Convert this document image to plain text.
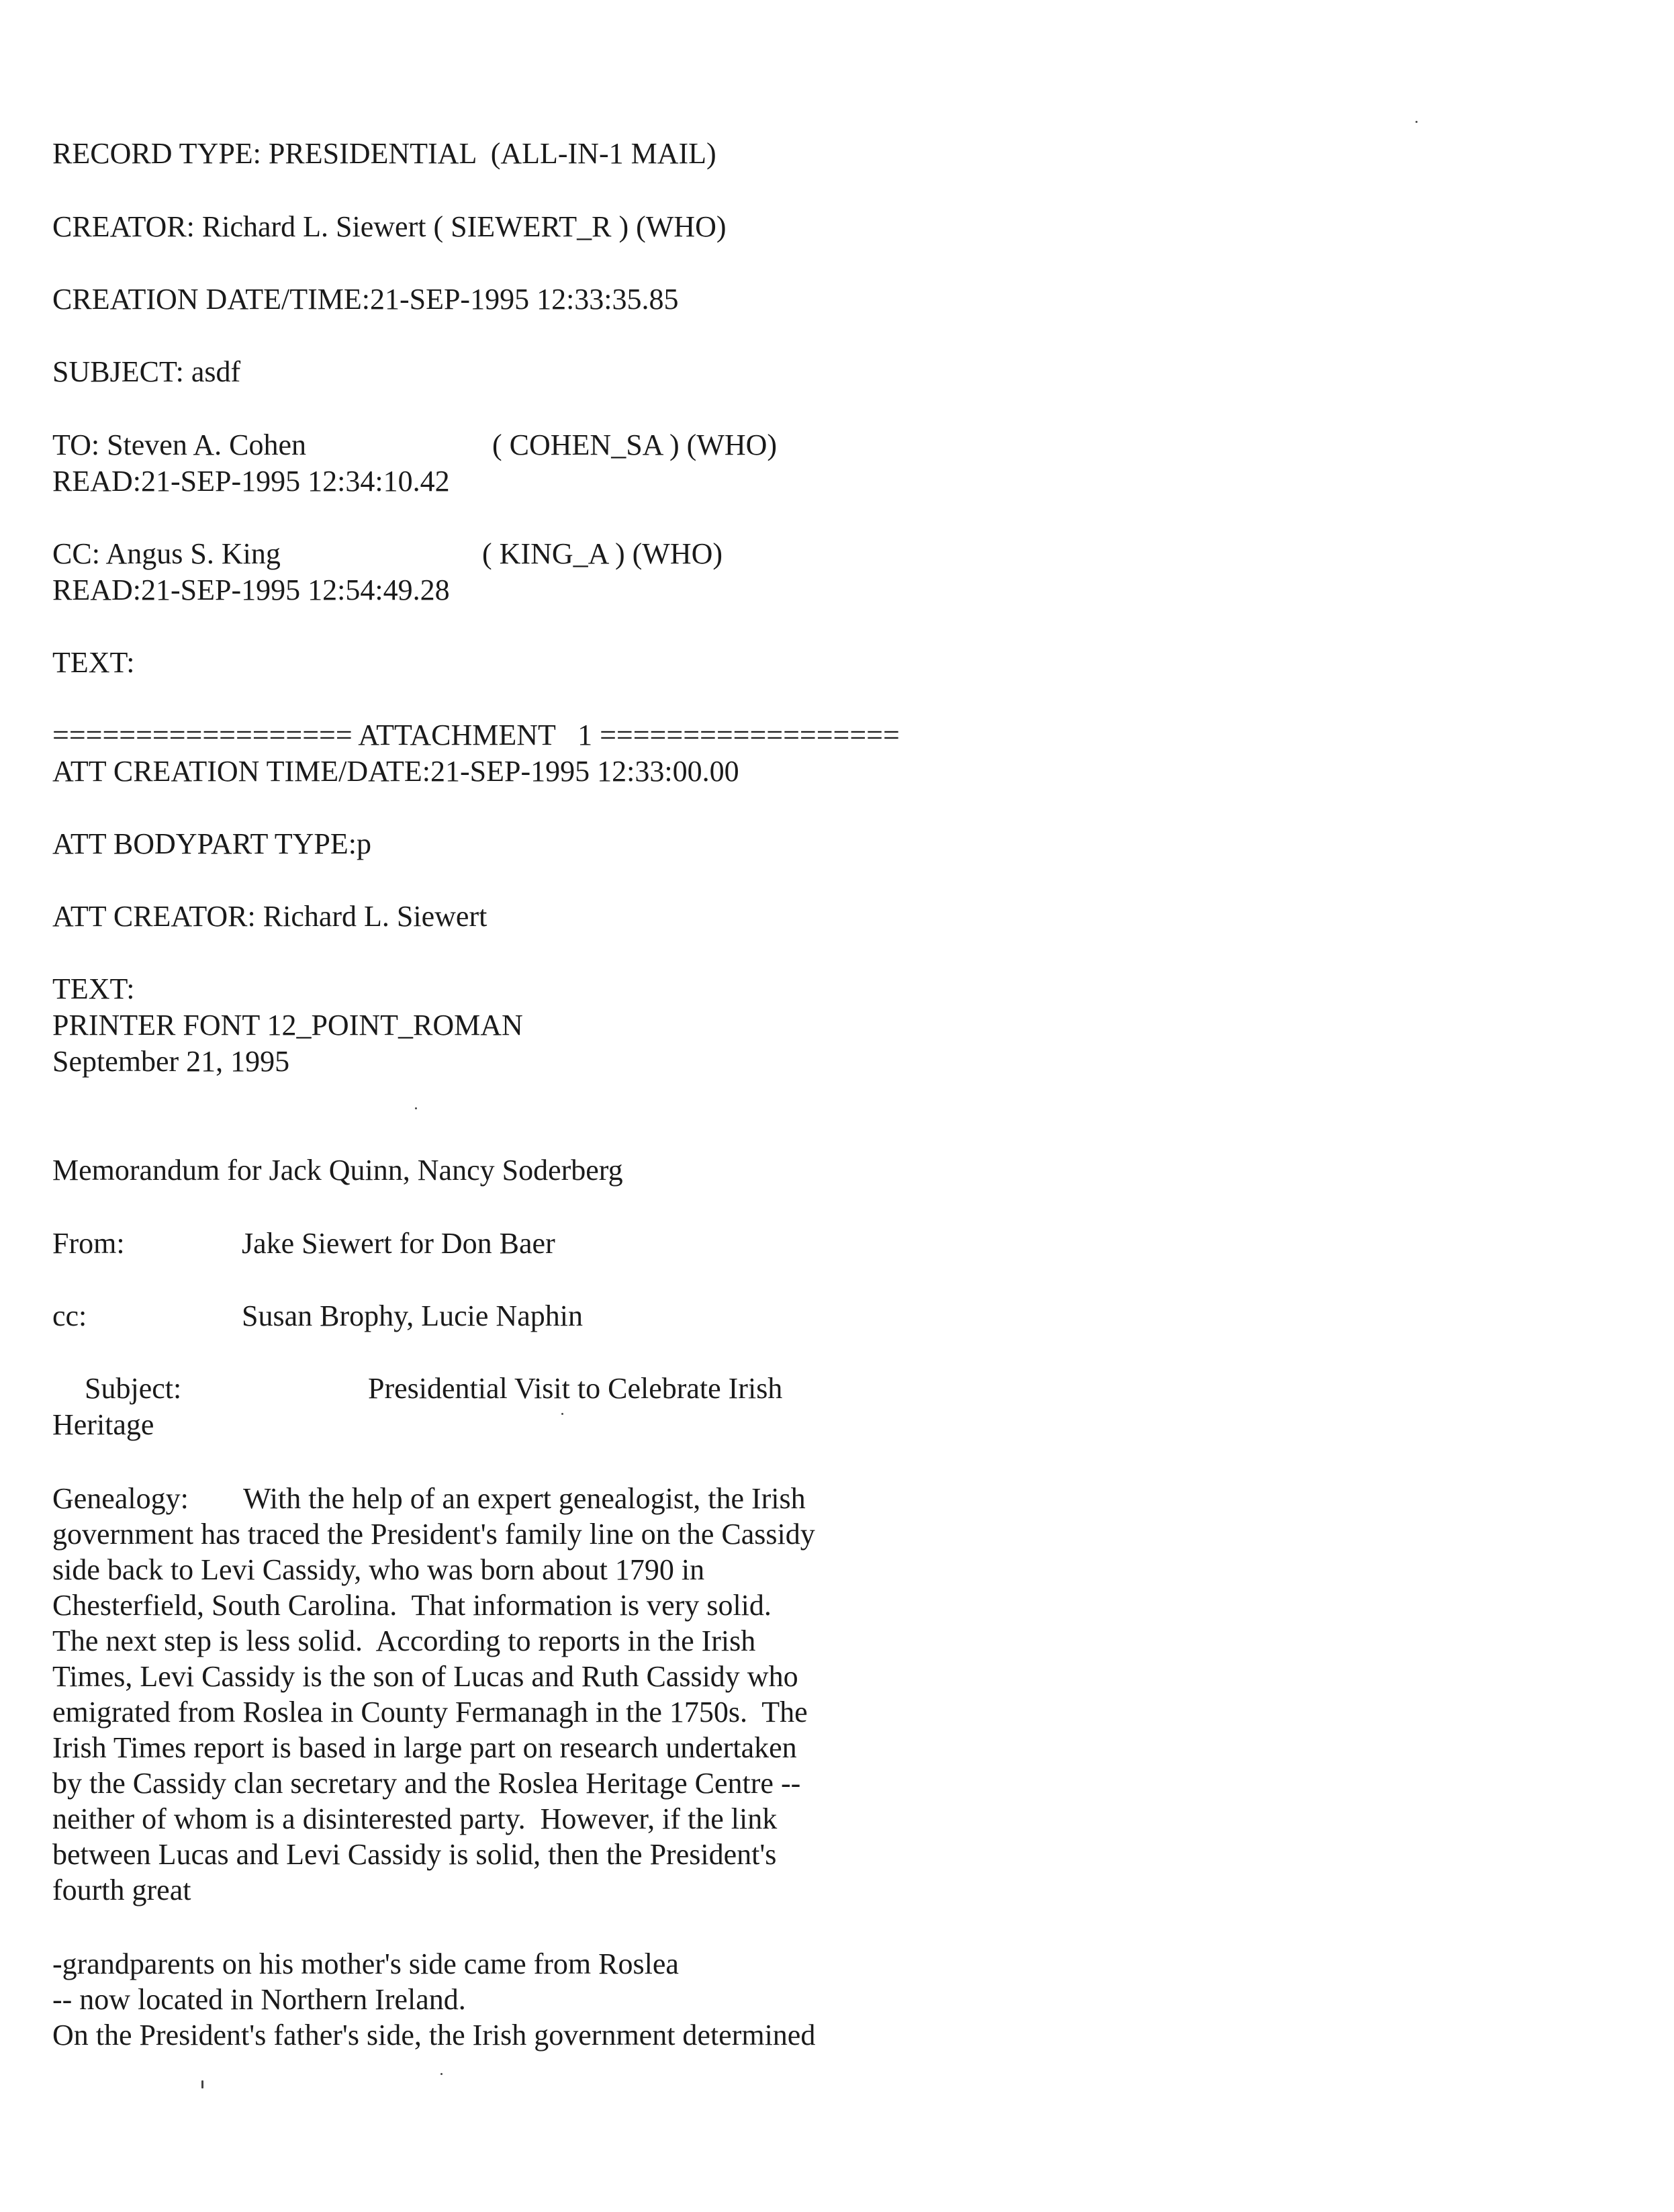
RECORD TYPE: PRESIDENTIAL  (ALL-IN-1 MAIL)

CREATOR: Richard L. Siewert ( SIEWERT_R ) (WHO)

CREATION DATE/TIME:21-SEP-1995 12:33:35.85

SUBJECT: asdf

TO: Steven A. Cohen	( COHEN_SA ) (WHO)

READ:21-SEP-1995 12:34:10.42

CC: Angus S. King	( KING_A ) (WHO)

READ:21-SEP-1995 12:54:49.28

TEXT:

================== ATTACHMENT   1 ==================

ATT CREATION TIME/DATE:21-SEP-1995 12:33:00.00

ATT BODYPART TYPE:p

ATT CREATOR: Richard L. Siewert

TEXT:

PRINTER FONT 12_POINT_ROMAN

September 21, 1995

Memorandum for Jack Quinn, Nancy Soderberg

From:	Jake Siewert for Don Baer

cc:	Susan Brophy, Lucie Naphin
Subject:	Presidential Visit to Celebrate Irish

Heritage

Genealogy: With the help of an expert genealogist, the Irish

government has traced the President's family line on the Cassidy

side back to Levi Cassidy, who was born about 1790 in

Chesterfield, South Carolina.  That information is very solid.

The next step is less solid.  According to reports in the Irish

Times, Levi Cassidy is the son of Lucas and Ruth Cassidy who

emigrated from Roslea in County Fermanagh in the 1750s.  The

Irish Times report is based in large part on research undertaken

by the Cassidy clan secretary and the Roslea Heritage Centre --

neither of whom is a disinterested party.  However, if the link

between Lucas and Levi Cassidy is solid, then the President's

fourth great

-grandparents on his mother's side came from Roslea

-- now located in Northern Ireland.

On the President's father's side, the Irish government determined
